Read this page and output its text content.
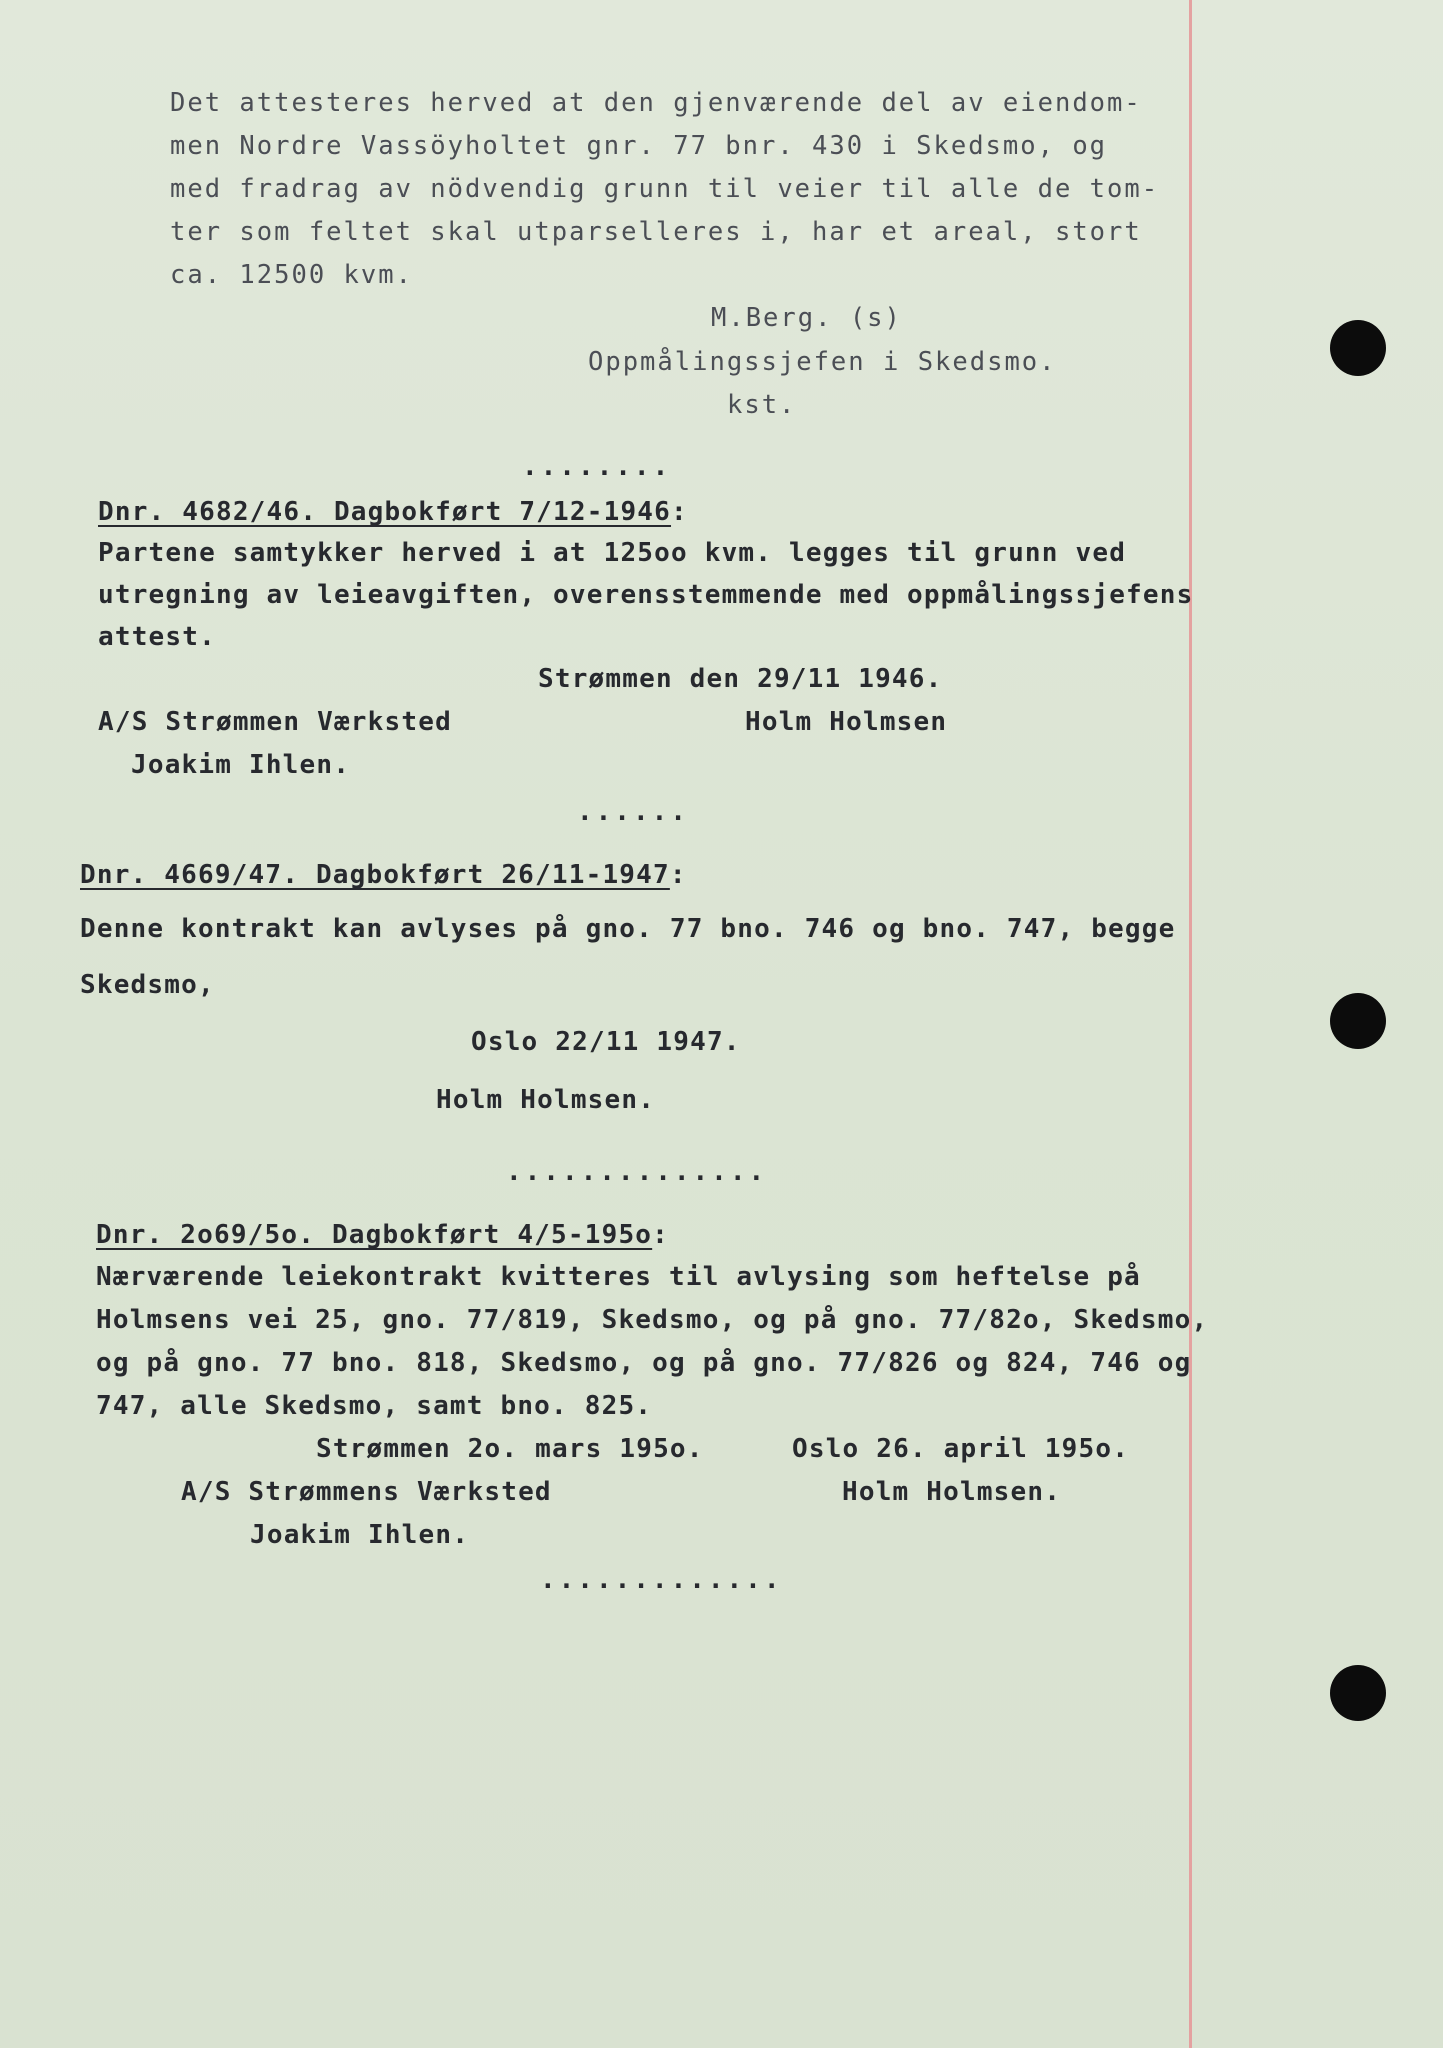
Det attesteres herved at den gjenværende del av eiendom-

men Nordre Vassöyholtet gnr. 77 bnr. 430 i Skedsmo, og

med fradrag av nödvendig grunn til veier til alle de tom-

ter som feltet skal utparselleres i, har et areal, stort

ca. 12500 kvm.

M.Berg. (s)

Oppmålingssjefen i Skedsmo.

kst.

........

Dnr. 4682/46. Dagbokført 7/12-1946:

Partene samtykker herved i at 125oo kvm. legges til grunn ved

utregning av leieavgiften, overensstemmende med oppmålingssjefens

attest.

Strømmen den 29/11 1946.

A/S Strømmen Værksted	Holm Holmsen

Joakim Ihlen.

......

Dnr. 4669/47. Dagbokført 26/11-1947:

Denne kontrakt kan avlyses på gno. 77 bno. 746 og bno. 747, begge

Skedsmo,

Oslo 22/11 1947.

Holm Holmsen.

..............

Dnr. 2o69/5o. Dagbokført 4/5-195o:

Nærværende leiekontrakt kvitteres til avlysing som heftelse på

Holmsens vei 25, gno. 77/819, Skedsmo, og på gno. 77/82o, Skedsmo,

og på gno. 77 bno. 818, Skedsmo, og på gno. 77/826 og 824, 746 og

747, alle Skedsmo, samt bno. 825.

Strømmen 2o. mars 195o.	Oslo 26. april 195o.

A/S Strømmens Værksted	Holm Holmsen.

Joakim Ihlen.

.............
